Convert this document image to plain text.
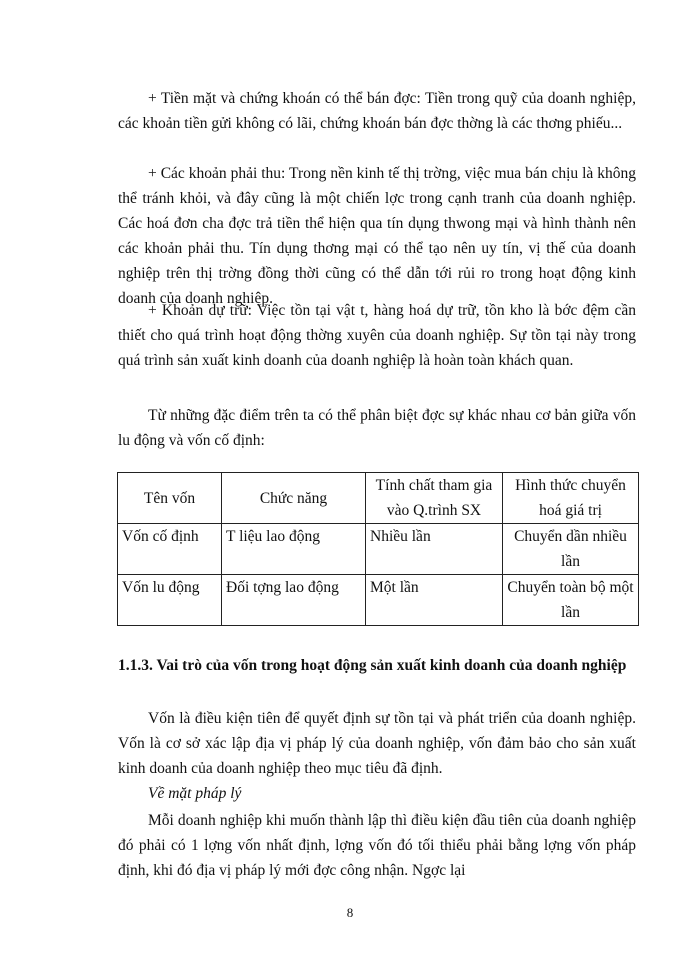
+ Tiền mặt và chứng khoán có thể bán đợc: Tiền trong quỹ của doanh nghiệp, các khoản tiền gửi không có lãi, chứng khoán bán đợc thờng là các thơng phiếu...

+ Các khoản phải thu: Trong nền kinh tế thị trờng, việc mua bán chịu là không thể tránh khỏi, và đây cũng là một chiến lợc trong cạnh tranh của doanh nghiệp. Các hoá đơn cha đợc trả tiền thể hiện qua tín dụng thwong mại và hình thành nên các khoản phải thu. Tín dụng thơng mại có thể tạo nên uy tín, vị thế của doanh nghiệp trên thị trờng đồng thời cũng có thể dẫn tới rủi ro trong hoạt động kinh doanh của doanh nghiệp.

+ Khoản dự trữ: Việc tồn tại vật t, hàng hoá dự trữ, tồn kho là bớc đệm cần thiết cho quá trình hoạt động thờng xuyên của doanh nghiệp. Sự tồn tại này trong quá trình sản xuất kinh doanh của doanh nghiệp là hoàn toàn khách quan.

Từ những đặc điểm trên ta có thể phân biệt đợc sự khác nhau cơ bản giữa vốn lu động và vốn cố định:

Tên vốn	Chức năng	Tính chất tham gia vào Q.trình SX	Hình thức chuyển hoá giá trị
Vốn cố định	T liệu lao động	Nhiều lần	Chuyển dần nhiều lần
Vốn lu động	Đối tợng lao động	Một lần	Chuyển toàn bộ một lần

1.1.3. Vai trò của vốn trong hoạt động sản xuất kinh doanh của doanh nghiệp

Vốn là điều kiện tiên để quyết định sự tồn tại và phát triển của doanh nghiệp. Vốn là cơ sở xác lập địa vị pháp lý của doanh nghiệp, vốn đảm bảo cho sản xuất kinh doanh của doanh nghiệp theo mục tiêu đã định.

Về mặt pháp lý

Mỗi doanh nghiệp khi muốn thành lập thì điều kiện đầu tiên của doanh nghiệp đó phải có 1 lợng vốn nhất định, lợng vốn đó tối thiểu phải bằng lợng vốn pháp định, khi đó địa vị pháp lý mới đợc công nhận. Ngợc lại

8
